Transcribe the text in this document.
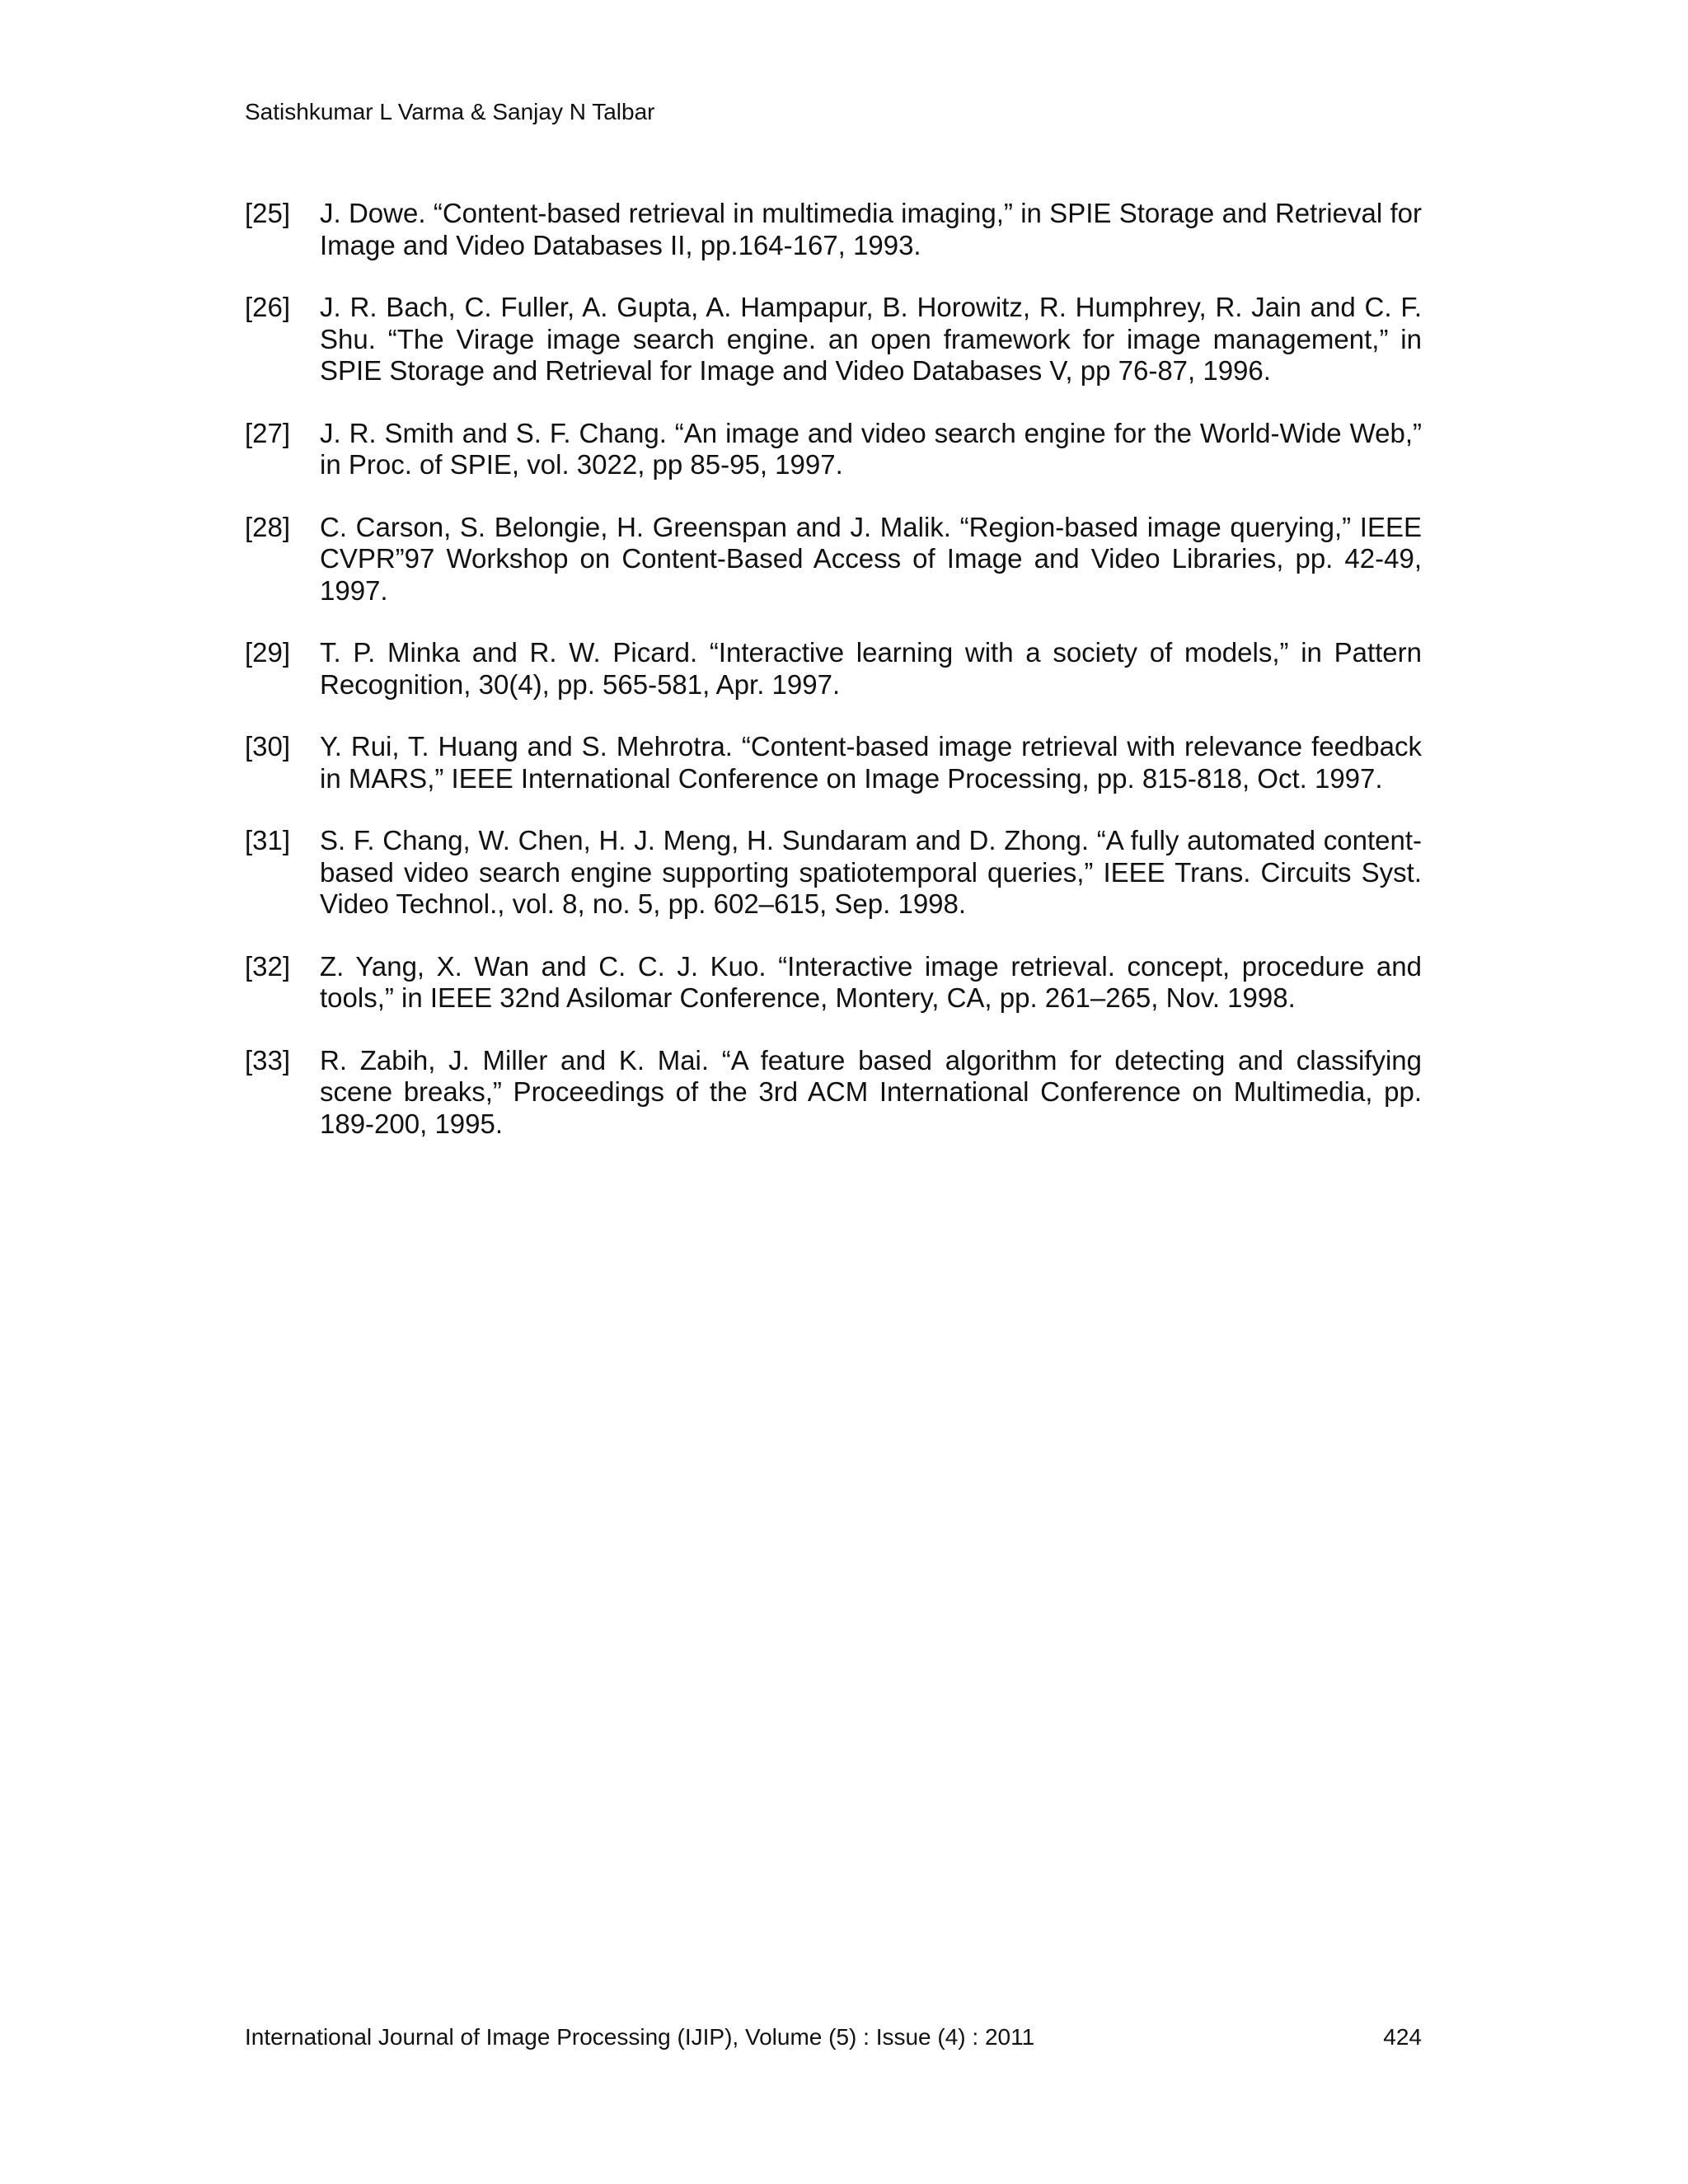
Satishkumar L Varma & Sanjay N Talbar
[25]	J. Dowe. “Content-based retrieval in multimedia imaging,” in SPIE Storage and Retrieval for Image and Video Databases II, pp.164-167, 1993.
[26]	J. R. Bach, C. Fuller, A. Gupta, A. Hampapur, B. Horowitz, R. Humphrey, R. Jain and C. F. Shu. “The Virage image search engine. an open framework for image management,” in SPIE Storage and Retrieval for Image and Video Databases V, pp 76-87, 1996.
[27]	J. R. Smith and S. F. Chang. “An image and video search engine for the World-Wide Web,” in Proc. of SPIE, vol. 3022, pp 85-95, 1997.
[28]	C. Carson, S. Belongie, H. Greenspan and J. Malik. “Region-based image querying,” IEEE CVPR”97 Workshop on Content-Based Access of Image and Video Libraries, pp. 42-49, 1997.
[29]	T. P. Minka and R. W. Picard. “Interactive learning with a society of models,” in Pattern Recognition, 30(4), pp. 565-581, Apr. 1997.
[30]	Y. Rui, T. Huang and S. Mehrotra. “Content-based image retrieval with relevance feedback in MARS,” IEEE International Conference on Image Processing, pp. 815-818, Oct. 1997.
[31]	S. F. Chang, W. Chen, H. J. Meng, H. Sundaram and D. Zhong. “A fully automated content-based video search engine supporting spatiotemporal queries,” IEEE Trans. Circuits Syst. Video Technol., vol. 8, no. 5, pp. 602–615, Sep. 1998.
[32]	Z. Yang, X. Wan and C. C. J. Kuo. “Interactive image retrieval. concept, procedure and tools,” in IEEE 32nd Asilomar Conference, Montery, CA, pp. 261–265, Nov. 1998.
[33]	R. Zabih, J. Miller and K. Mai. “A feature based algorithm for detecting and classifying scene breaks,” Proceedings of the 3rd ACM International Conference on Multimedia, pp. 189-200, 1995.
International Journal of Image Processing (IJIP), Volume (5) : Issue (4) : 2011	424
